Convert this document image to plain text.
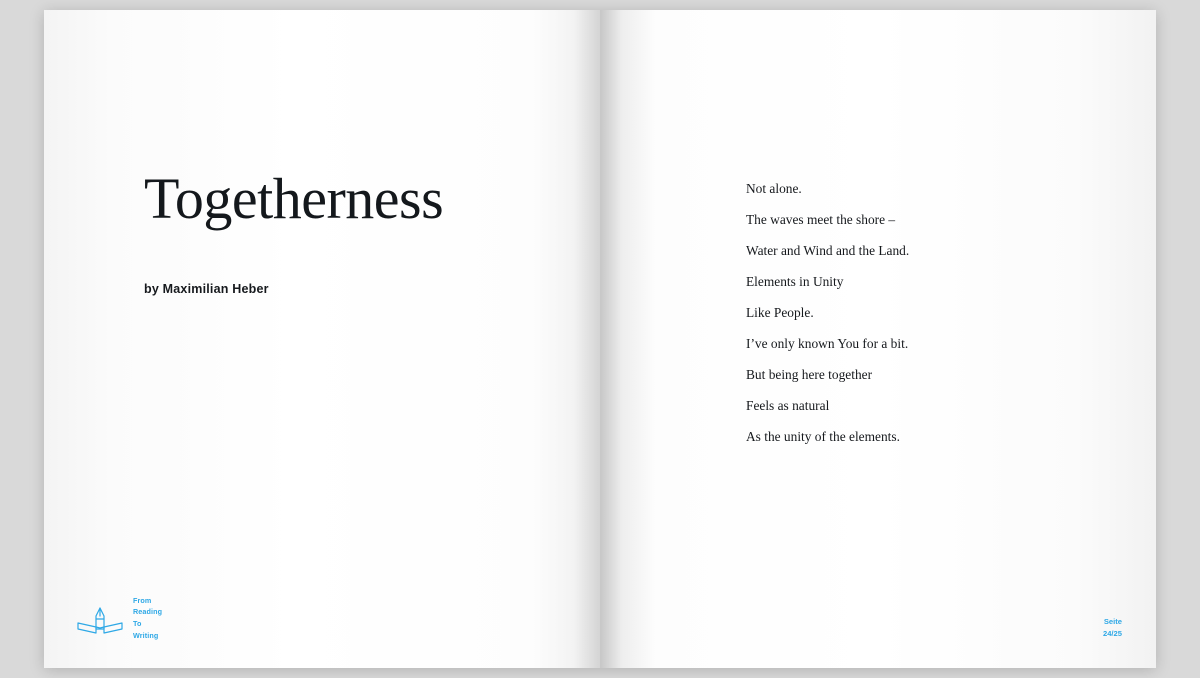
Togetherness
by Maximilian Heber
From
Reading
To
Writing
Not alone.
The waves meet the shore –
Water and Wind and the Land.
Elements in Unity
Like People.
I’ve only known You for a bit.
But being here together
Feels as natural
As the unity of the elements.
Seite
24/25
